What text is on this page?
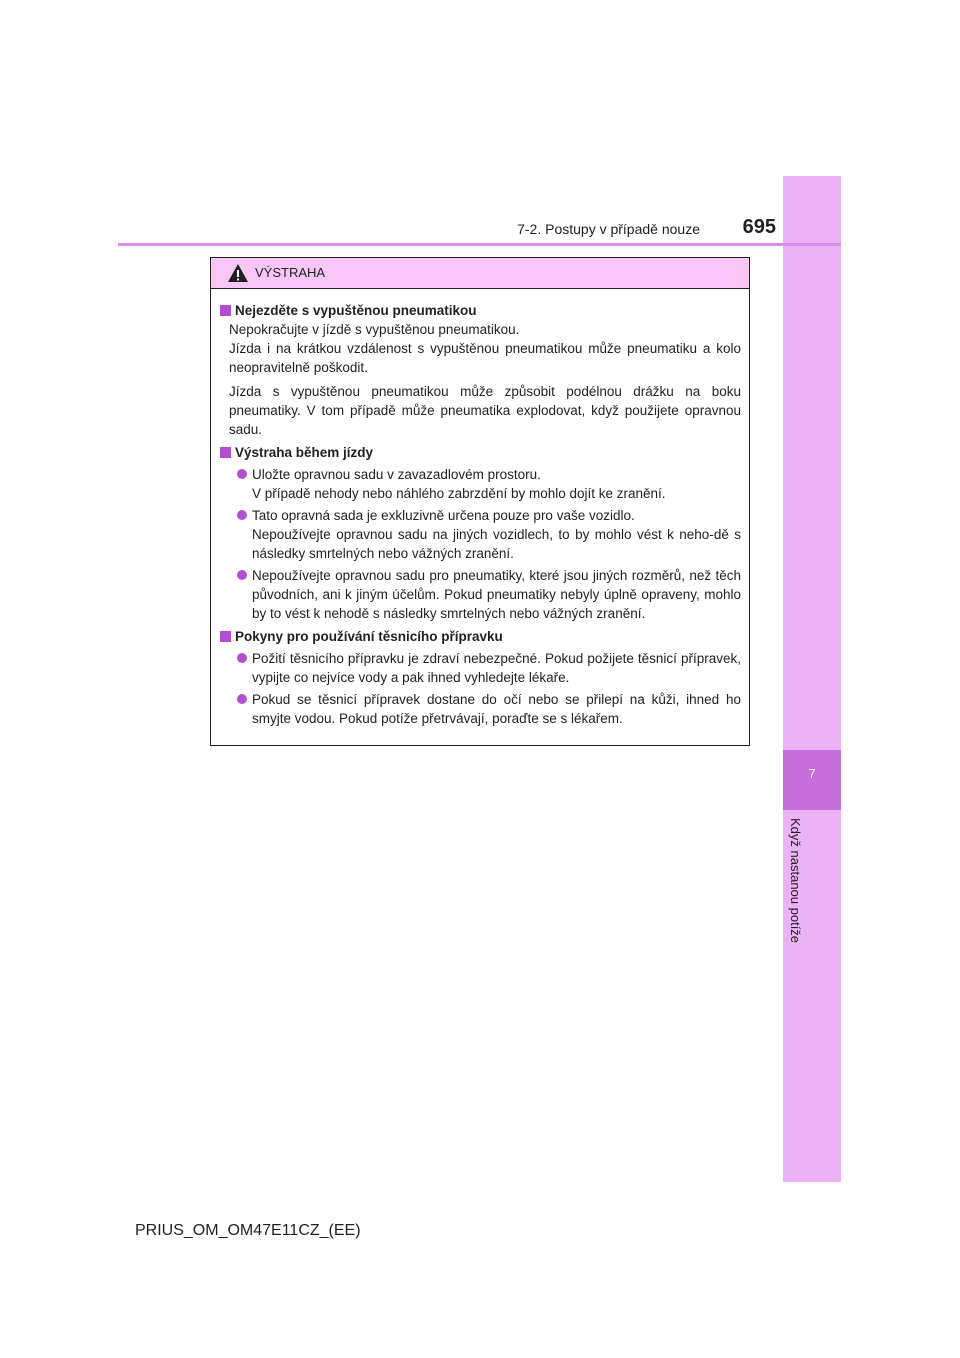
7
Když nastanou potíže
7-2. Postupy v případě nouze	695
VÝSTRAHA
Nejezděte s vypuštěnou pneumatikou

Nepokračujte v jízdě s vypuštěnou pneumatikou.

Jízda i na krátkou vzdálenost s vypuštěnou pneumatikou může pneumatiku a kolo neopravitelně poškodit.

Jízda s vypuštěnou pneumatikou může způsobit podélnou drážku na boku pneumatiky. V tom případě může pneumatika explodovat, když použijete opravnou sadu.

Výstraha během jízdy
Uložte opravnou sadu v zavazadlovém prostoru.
V případě nehody nebo náhlého zabrzdění by mohlo dojít ke zranění.
Tato opravná sada je exkluzivně určena pouze pro vaše vozidlo.
Nepoužívejte opravnou sadu na jiných vozidlech, to by mohlo vést k neho-dě s následky smrtelných nebo vážných zranění.
Nepoužívejte opravnou sadu pro pneumatiky, které jsou jiných rozměrů, než těch původních, ani k jiným účelům. Pokud pneumatiky nebyly úplně opraveny, mohlo by to vést k nehodě s následky smrtelných nebo vážných zranění.
Pokyny pro používání těsnicího přípravku
Požití těsnicího přípravku je zdraví nebezpečné. Pokud požijete těsnicí přípravek, vypijte co nejvíce vody a pak ihned vyhledejte lékaře.
Pokud se těsnicí přípravek dostane do očí nebo se přilepí na kůži, ihned ho smyjte vodou. Pokud potíže přetrvávají, poraďte se s lékařem.
PRIUS_OM_OM47E11CZ_(EE)
